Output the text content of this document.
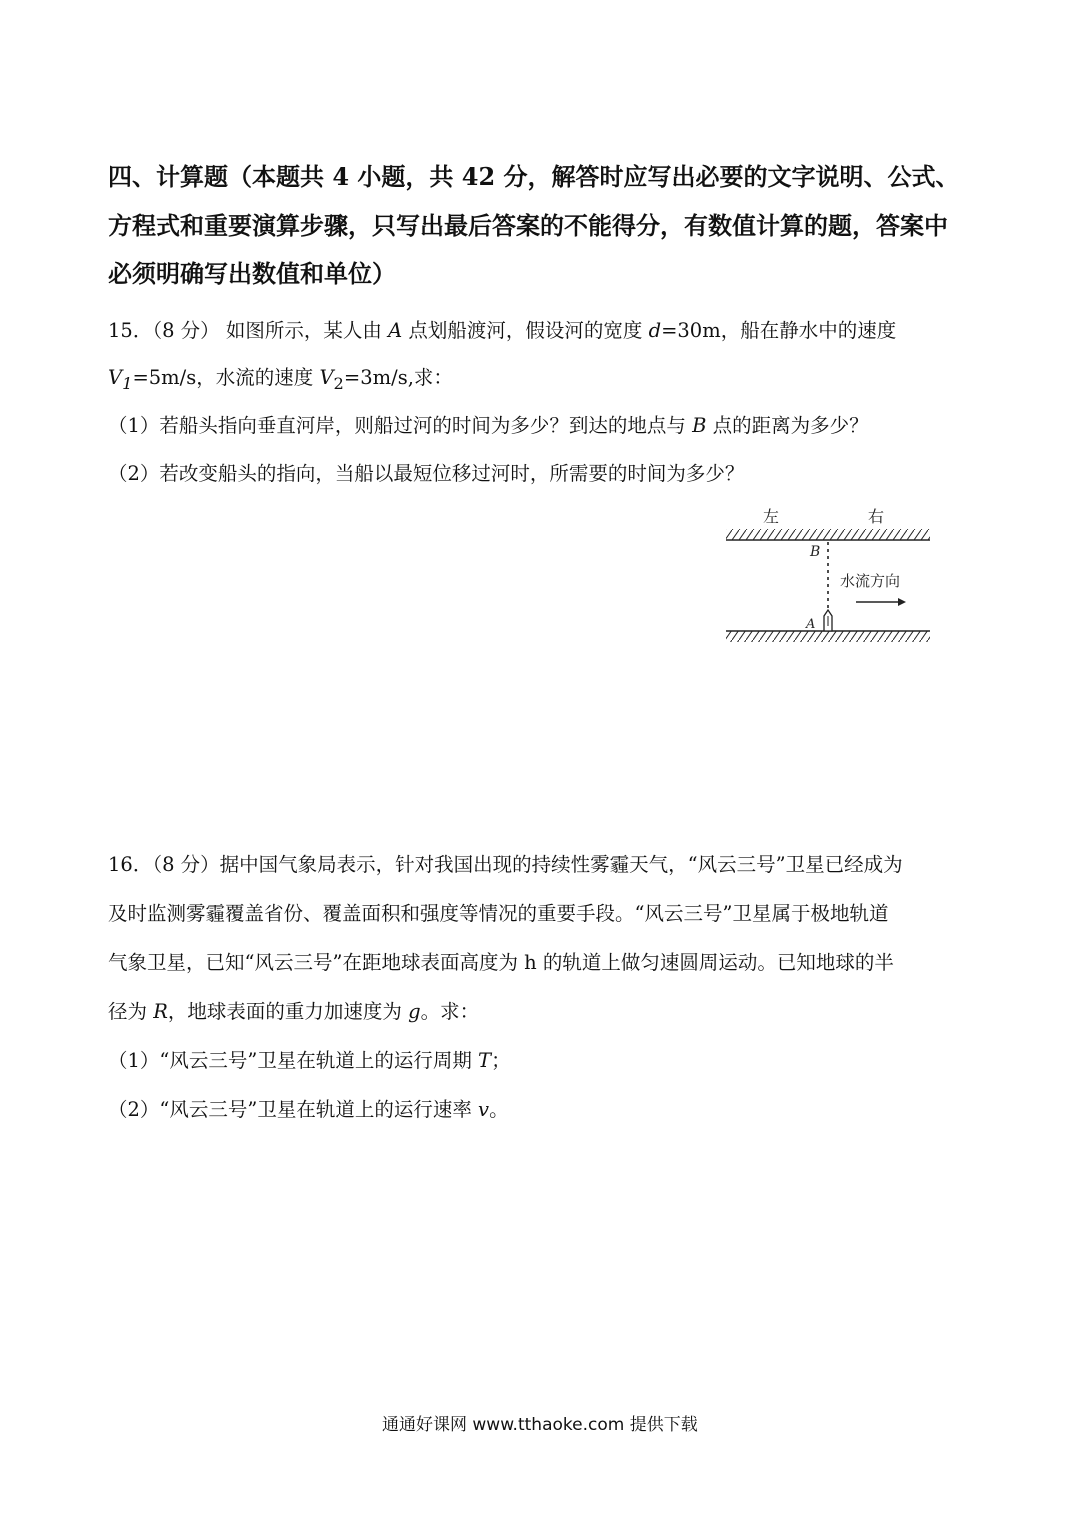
四、计算题（本题共 4 小题，共 42 分，解答时应写出必要的文字说明、公式、
方程式和重要演算步骤，只写出最后答案的不能得分，有数值计算的题，答案中
必须明确写出数值和单位）
15．（8 分） 如图所示，某人由 A 点划船渡河，假设河的宽度 d=30m，船在静水中的速度
$V_1=5m/s$，水流的速度 $V_2=3m/s$,求：
（1）若船头指向垂直河岸，则船过河的时间为多少？到达的地点与 B 点的距离为多少？
（2）若改变船头的指向，当船以最短位移过河时，所需要的时间为多少？
左	右
B
A
水流方向
16．（8 分）据中国气象局表示，针对我国出现的持续性雾霾天气，“风云三号”卫星已经成为
及时监测雾霾覆盖省份、覆盖面积和强度等情况的重要手段。“风云三号”卫星属于极地轨道
气象卫星，已知“风云三号”在距地球表面高度为 h 的轨道上做匀速圆周运动。已知地球的半
径为 R，地球表面的重力加速度为 g。求：
（1）“风云三号”卫星在轨道上的运行周期 T；
（2）“风云三号”卫星在轨道上的运行速率 v。
通通好课网 www.tthaoke.com 提供下载
